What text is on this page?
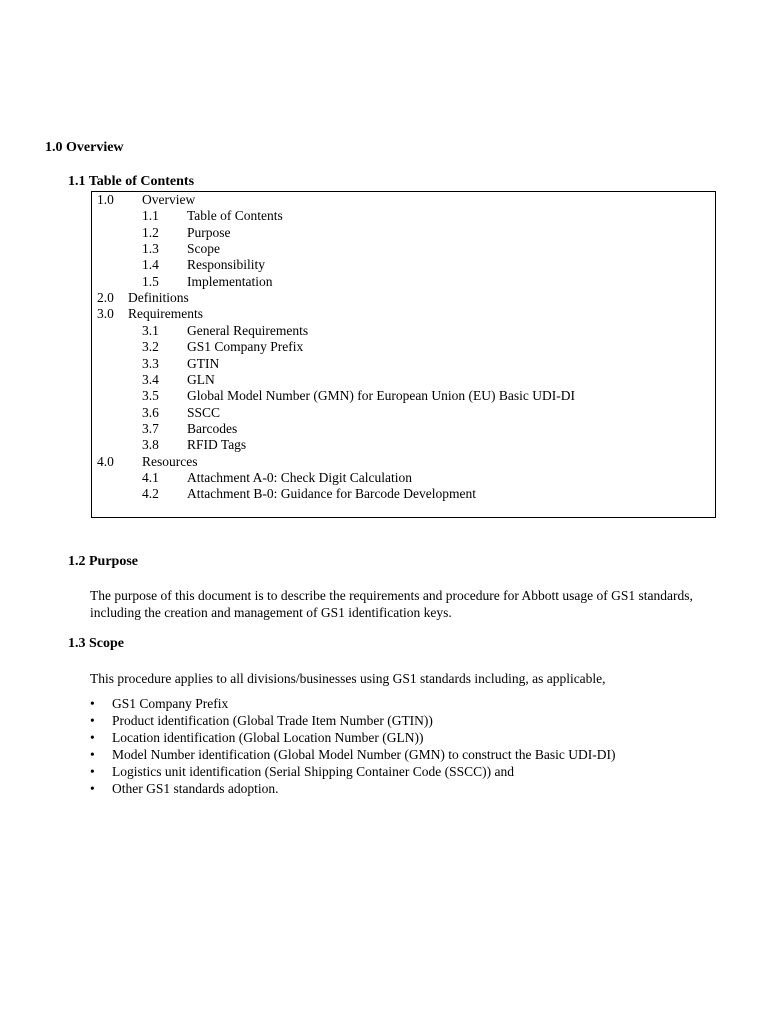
1.0 Overview
1.1 Table of Contents
1.0 Overview
1.1 Table of Contents
1.2 Purpose
1.3 Scope
1.4 Responsibility
1.5 Implementation
2.0 Definitions
3.0 Requirements
3.1 General Requirements
3.2 GS1 Company Prefix
3.3 GTIN
3.4 GLN
3.5 Global Model Number (GMN) for European Union (EU) Basic UDI-DI
3.6 SSCC
3.7 Barcodes
3.8 RFID Tags
4.0 Resources
4.1 Attachment A-0: Check Digit Calculation
4.2 Attachment B-0: Guidance for Barcode Development
1.2 Purpose
The purpose of this document is to describe the requirements and procedure for Abbott usage of GS1 standards, including the creation and management of GS1 identification keys.
1.3 Scope
This procedure applies to all divisions/businesses using GS1 standards including, as applicable,
• GS1 Company Prefix
• Product identification (Global Trade Item Number (GTIN))
• Location identification (Global Location Number (GLN))
• Model Number identification (Global Model Number (GMN) to construct the Basic UDI-DI)
• Logistics unit identification (Serial Shipping Container Code (SSCC)) and
• Other GS1 standards adoption.
